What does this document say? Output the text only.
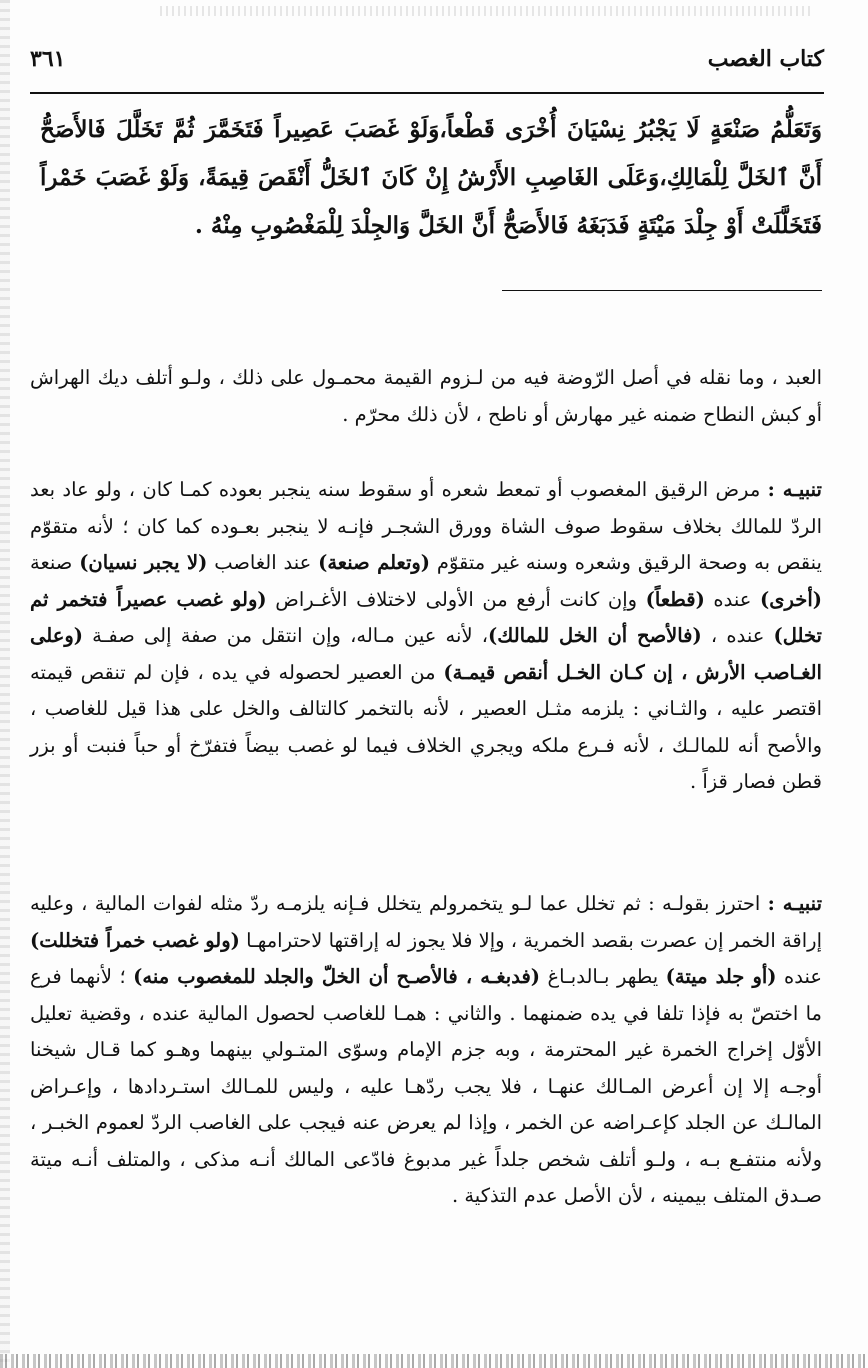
كتاب الغصب
٣٦١

وَتَعَلُّمُ صَنْعَةٍ لَا يَجْبُرُ نِسْيَانَ أُخْرَى قَطْعاً،وَلَوْ غَصَبَ عَصِيراً فَتَخَمَّرَ ثُمَّ تَخَلَّلَ فَالأَصَحُّ أَنَّ ٱلخَلَّ لِلْمَالِكِ،وَعَلَى الغَاصِبِ الأَرْشُ إِنْ كَانَ ٱلخَلُّ أَنْقَصَ قِيمَةً، وَلَوْ غَصَبَ خَمْراً فَتَخَلَّلَتْ أَوْ جِلْدَ مَيْتَةٍ فَدَبَغَهُ فَالأَصَحُّ أَنَّ الخَلَّ وَالجِلْدَ لِلْمَغْصُوبِ مِنْهُ .

العبد ، وما نقله في أصل الرّوضة فيه من لـزوم القيمة محمـول على ذلك ، ولـو أتلف ديك الهراش أو كبش النطاح ضمنه غير مهارش أو ناطح ، لأن ذلك محرّم .

تنبيـه : مرض الرقيق المغصوب أو تمعط شعره أو سقوط سنه ينجبر بعوده كمـا كان ، ولو عاد بعد الردّ للمالك بخلاف سقوط صوف الشاة وورق الشجـر فإنـه لا ينجبر بعـوده كما كان ؛ لأنه متقوّم ينقص به وصحة الرقيق وشعره وسنه غير متقوّم (وتعلم صنعة) عند الغاصب (لا يجبر نسيان) صنعة (أخرى) عنده (قطعاً) وإن كانت أرفع من الأولى لاختلاف الأغـراض (ولو غصب عصيراً فتخمر ثم تخلل) عنده ، (فالأصح أن الخل للمالك)، لأنه عين مـاله، وإن انتقل من صفة إلى صفـة (وعلى الغـاصب الأرش ، إن كـان الخـل أنقص قيمـة) من العصير لحصوله في يده ، فإن لم تنقص قيمته اقتصر عليه ، والثـاني : يلزمه مثـل العصير ، لأنه بالتخمر كالتالف والخل على هذا قيل للغاصب ، والأصح أنه للمالـك ، لأنه فـرع ملكه ويجري الخلاف فيما لو غصب بيضاً فتفرّخ أو حباً فنبت أو بزر قطن فصار قزاً .

تنبيـه : احترز بقولـه : ثم تخلل عما لـو يتخمرولم يتخلل فـإنه يلزمـه ردّ مثله لفوات المالية ، وعليه إراقة الخمر إن عصرت بقصد الخمرية ، وإلا فلا يجوز له إراقتها لاحترامهـا (ولو غصب خمراً فتخللت) عنده (أو جلد ميتة) يطهر بـالدبـاغ (فدبغـه ، فالأصـح أن الخلّ والجلد للمغصوب منه) ؛ لأنهما فرع ما اختصّ به فإذا تلفا في يده ضمنهما . والثاني : همـا للغاصب لحصول المالية عنده ، وقضية تعليل الأوّل إخراج الخمرة غير المحترمة ، وبه جزم الإمام وسوّى المتـولي بينهما وهـو كما قـال شيخنا أوجـه إلا إن أعرض المـالك عنهـا ، فلا يجب ردّهـا عليه ، وليس للمـالك استـردادها ، وإعـراض المالـك عن الجلد كإعـراضه عن الخمر ، وإذا لم يعرض عنه فيجب على الغاصب الردّ لعموم الخبـر ، ولأنه منتفـع بـه ، ولـو أتلف شخص جلداً غير مدبوغ فادّعى المالك أنـه مذكى ، والمتلف أنـه ميتة صـدق المتلف بيمينه ، لأن الأصل عدم التذكية .
